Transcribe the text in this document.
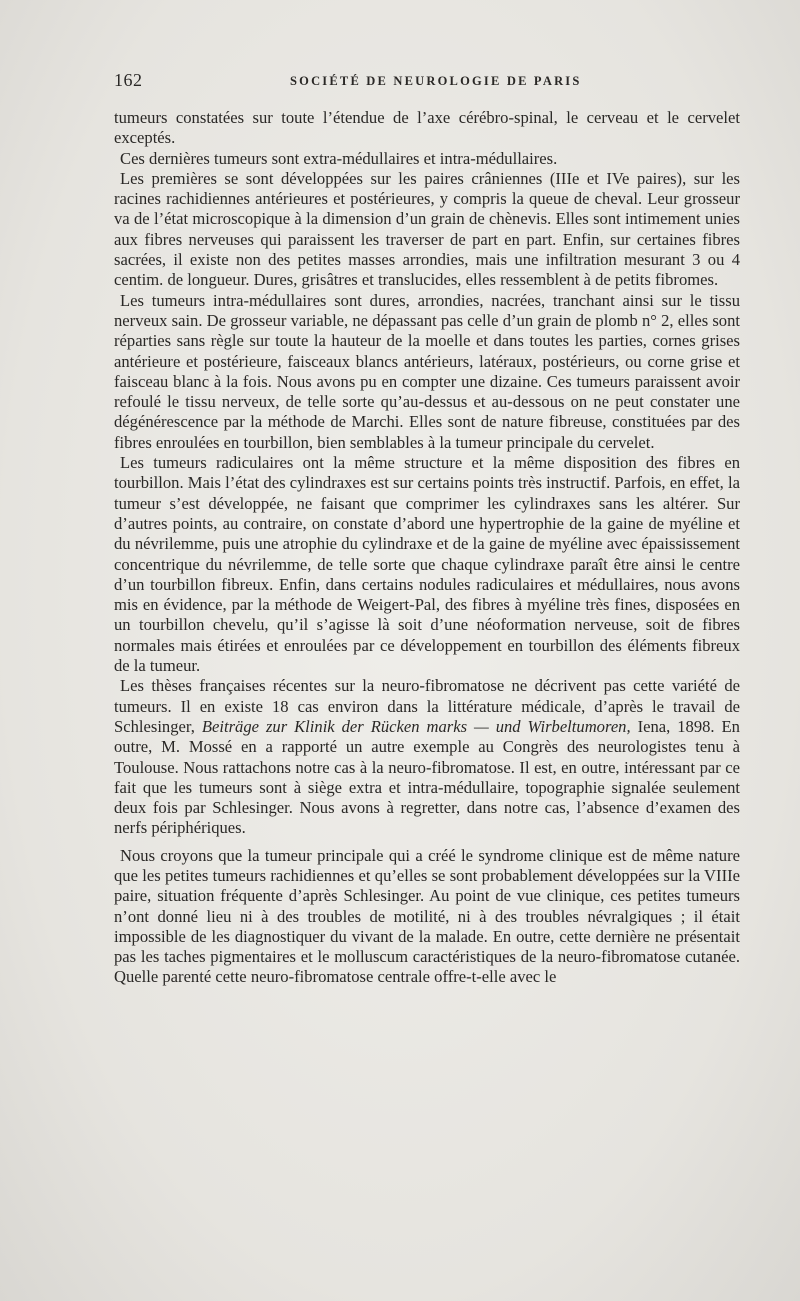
162	SOCIÉTÉ DE NEUROLOGIE DE PARIS

tumeurs constatées sur toute l’étendue de l’axe cérébro-spinal, le cerveau et le cervelet exceptés.

Ces dernières tumeurs sont extra-médullaires et intra-médullaires.

Les premières se sont développées sur les paires crâniennes (IIIe et IVe paires), sur les racines rachidiennes antérieures et postérieures, y compris la queue de cheval. Leur grosseur va de l’état microscopique à la dimension d’un grain de chènevis. Elles sont intimement unies aux fibres nerveuses qui paraissent les traverser de part en part. Enfin, sur certaines fibres sacrées, il existe non des petites masses arrondies, mais une infiltration mesurant 3 ou 4 centim. de longueur. Dures, grisâtres et translucides, elles ressemblent à de petits fibromes.

Les tumeurs intra-médullaires sont dures, arrondies, nacrées, tranchant ainsi sur le tissu nerveux sain. De grosseur variable, ne dépassant pas celle d’un grain de plomb n° 2, elles sont réparties sans règle sur toute la hauteur de la moelle et dans toutes les parties, cornes grises antérieure et postérieure, faisceaux blancs antérieurs, latéraux, postérieurs, ou corne grise et faisceau blanc à la fois. Nous avons pu en compter une dizaine. Ces tumeurs paraissent avoir refoulé le tissu nerveux, de telle sorte qu’au-dessus et au-dessous on ne peut constater une dégénérescence par la méthode de Marchi. Elles sont de nature fibreuse, constituées par des fibres enroulées en tourbillon, bien semblables à la tumeur principale du cervelet.

Les tumeurs radiculaires ont la même structure et la même disposition des fibres en tourbillon. Mais l’état des cylindraxes est sur certains points très instructif. Parfois, en effet, la tumeur s’est développée, ne faisant que comprimer les cylindraxes sans les altérer. Sur d’autres points, au contraire, on constate d’abord une hypertrophie de la gaine de myéline et du névrilemme, puis une atrophie du cylindraxe et de la gaine de myéline avec épaississement concentrique du névrilemme, de telle sorte que chaque cylindraxe paraît être ainsi le centre d’un tourbillon fibreux. Enfin, dans certains nodules radiculaires et médullaires, nous avons mis en évidence, par la méthode de Weigert-Pal, des fibres à myéline très fines, disposées en un tourbillon chevelu, qu’il s’agisse là soit d’une néoformation nerveuse, soit de fibres normales mais étirées et enroulées par ce développement en tourbillon des éléments fibreux de la tumeur.

Les thèses françaises récentes sur la neuro-fibromatose ne décrivent pas cette variété de tumeurs. Il en existe 18 cas environ dans la littérature médicale, d’après le travail de Schlesinger, Beiträge zur Klinik der Rücken marks — und Wirbeltumoren, Iena, 1898. En outre, M. Mossé en a rapporté un autre exemple au Congrès des neurologistes tenu à Toulouse. Nous rattachons notre cas à la neuro-fibromatose. Il est, en outre, intéressant par ce fait que les tumeurs sont à siège extra et intra-médullaire, topographie signalée seulement deux fois par Schlesinger. Nous avons à regretter, dans notre cas, l’absence d’examen des nerfs périphériques.

Nous croyons que la tumeur principale qui a créé le syndrome clinique est de même nature que les petites tumeurs rachidiennes et qu’elles se sont probablement développées sur la VIIIe paire, situation fréquente d’après Schlesinger. Au point de vue clinique, ces petites tumeurs n’ont donné lieu ni à des troubles de motilité, ni à des troubles névralgiques ; il était impossible de les diagnostiquer du vivant de la malade. En outre, cette dernière ne présentait pas les taches pigmentaires et le molluscum caractéristiques de la neuro-fibromatose cutanée. Quelle parenté cette neuro-fibromatose centrale offre-t-elle avec le
